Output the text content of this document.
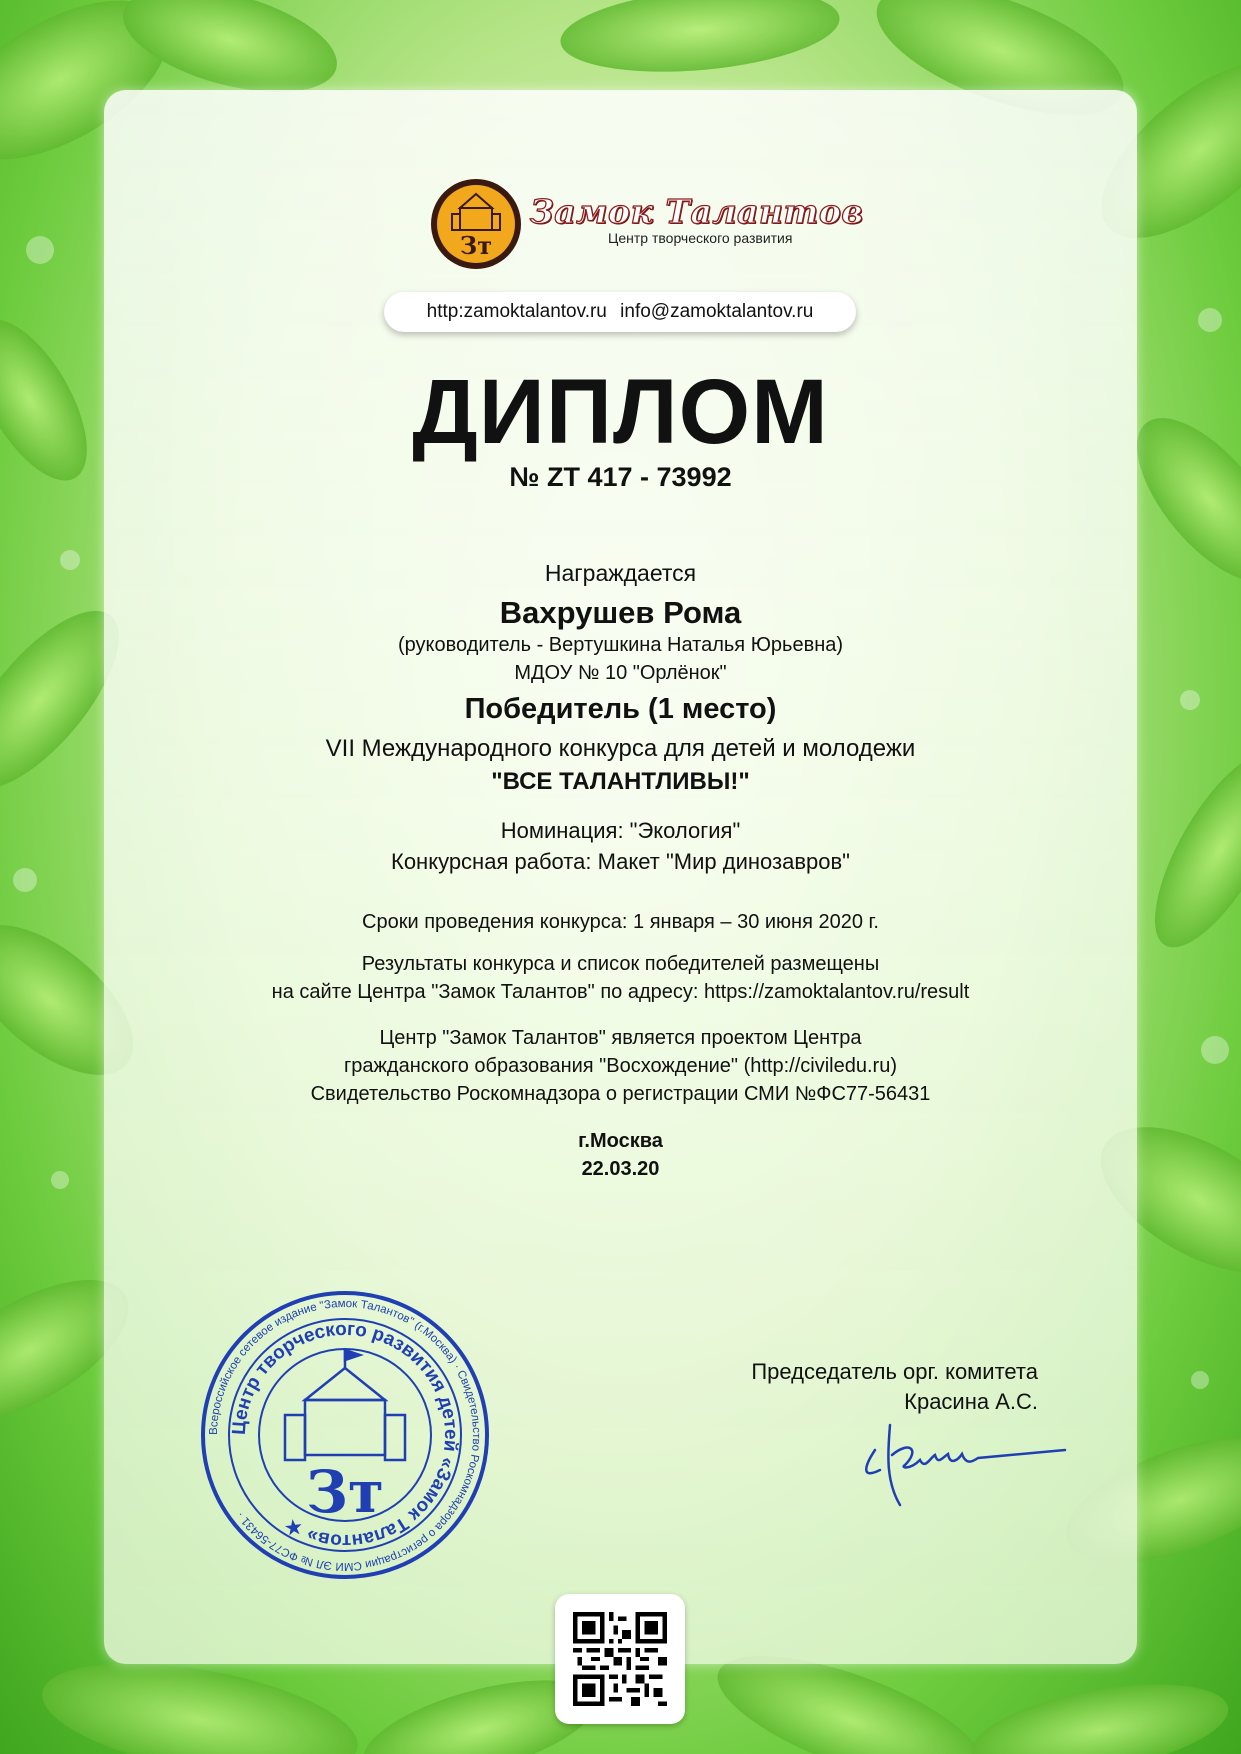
Зт
Замок Талантов
Центр творческого развития
http:zamoktalantov.ru info@zamoktalantov.ru
ДИПЛОМ
№ ZT 417 - 73992
Награждается
Вахрушев Рома
(руководитель - Вертушкина Наталья Юрьевна)
МДОУ № 10 "Орлёнок"
Победитель (1 место)
VII Международного конкурса для детей и молодежи
"ВСЕ ТАЛАНТЛИВЫ!"
Номинация: "Экология"
Конкурсная работа: Макет "Мир динозавров"
Сроки проведения конкурса: 1 января – 30 июня 2020 г.
Результаты конкурса и список победителей размещены
на сайте Центра "Замок Талантов" по адресу: https://zamoktalantov.ru/result
Центр "Замок Талантов" является проектом Центра
гражданского образования "Восхождение" (http://civiledu.ru)
Свидетельство Роскомнадзора о регистрации СМИ №ФС77-56431
г.Москва
22.03.20
Председатель орг. комитета
Красина А.С.
Всероссийское сетевое издание "Замок Талантов" (г.Москва) · Свидетельство Роскомнадзора о регистрации СМИ ЭЛ № ФС77-56431 ·
Центр творческого развития детей «Замок Талантов» ★
Зт
